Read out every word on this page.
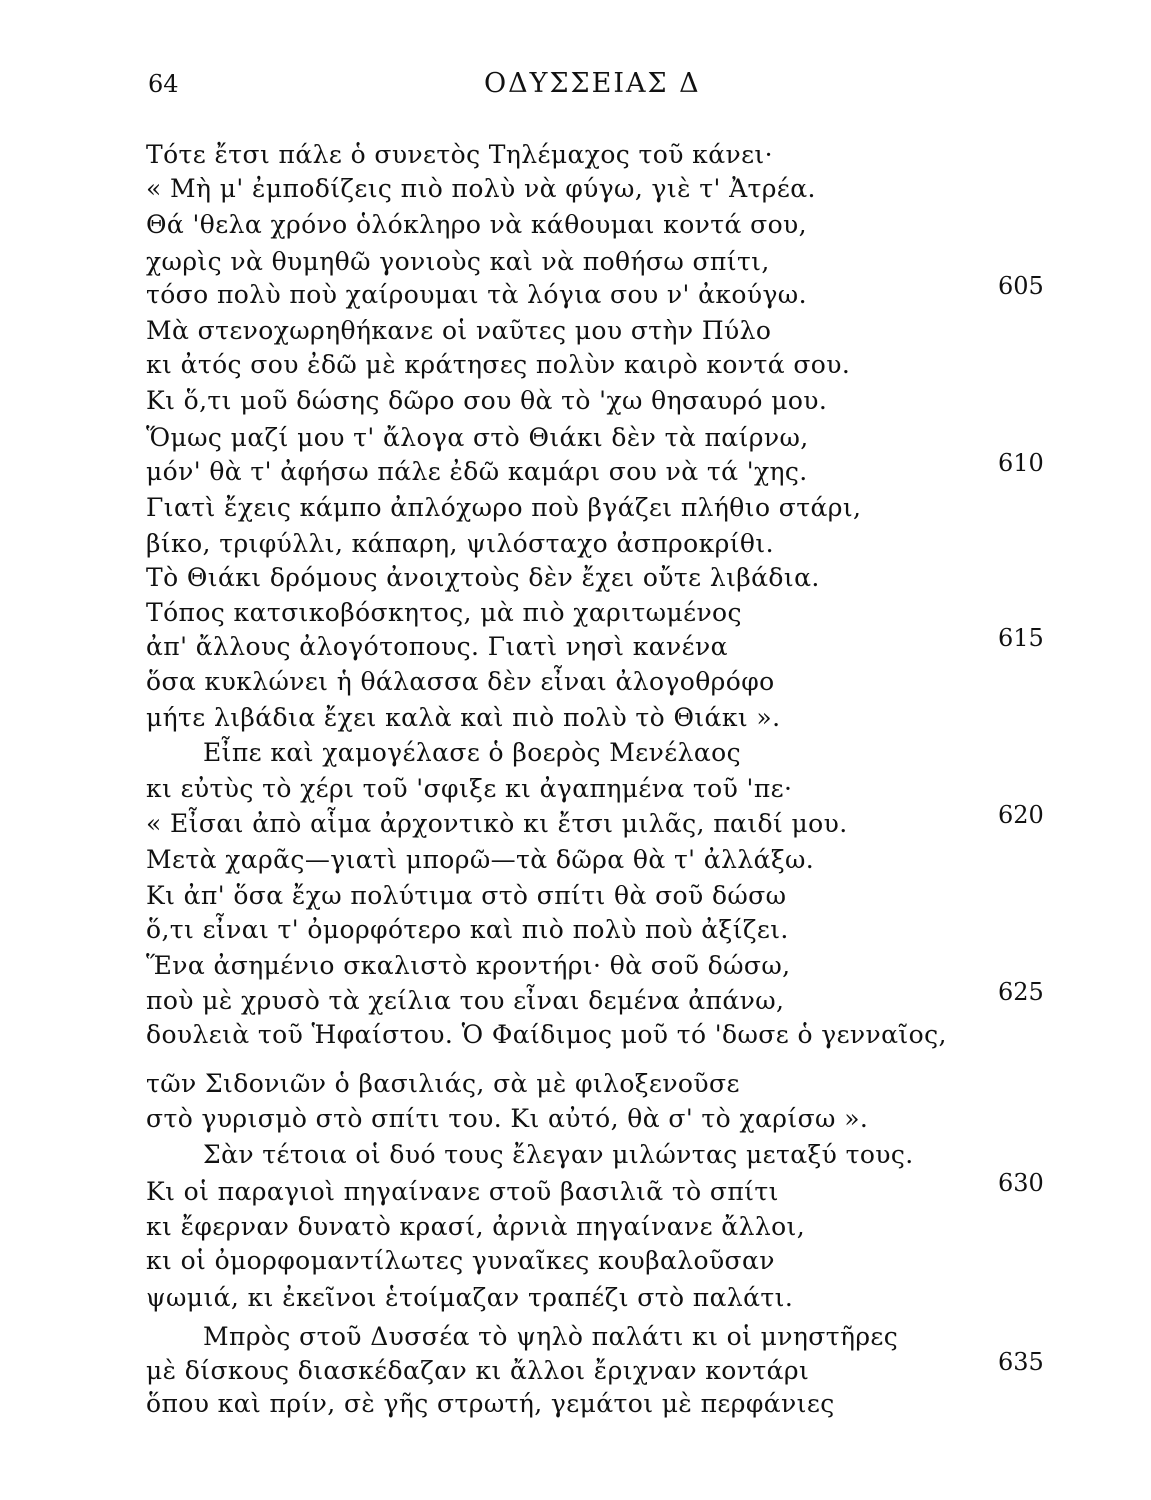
64	ΟΔΥΣΣΕΙΑΣ Δ
Τότε ἔτσι πάλε ὁ συνετὸς Τηλέμαχος τοῦ κάνει·
« Μὴ μ' ἐμποδίζεις πιὸ πολὺ νὰ φύγω, γιὲ τ' Ἀτρέα.
Θά 'θελα χρόνο ὁλόκληρο νὰ κάθουμαι κοντά σου,
χωρὶς νὰ θυμηθῶ γονιοὺς καὶ νὰ ποθήσω σπίτι,
τόσο πολὺ ποὺ χαίρουμαι τὰ λόγια σου ν' ἀκούγω.	605
Μὰ στενοχωρηθήκανε οἱ ναῦτες μου στὴν Πύλο
κι ἀτός σου ἐδῶ μὲ κράτησες πολὺν καιρὸ κοντά σου.
Κι ὅ,τι μοῦ δώσης δῶρο σου θὰ τὸ 'χω θησαυρό μου.
Ὅμως μαζί μου τ' ἄλογα στὸ Θιάκι δὲν τὰ παίρνω,
μόν' θὰ τ' ἀφήσω πάλε ἐδῶ καμάρι σου νὰ τά 'χης.	610
Γιατὶ ἔχεις κάμπο ἀπλόχωρο ποὺ βγάζει πλήθιο στάρι,
βίκο, τριφύλλι, κάπαρη, ψιλόσταχο ἀσπροκρίθι.
Τὸ Θιάκι δρόμους ἀνοιχτοὺς δὲν ἔχει οὔτε λιβάδια.
Τόπος κατσικοβόσκητος, μὰ πιὸ χαριτωμένος
ἀπ' ἄλλους ἀλογότοπους. Γιατὶ νησὶ κανένα	615
ὅσα κυκλώνει ἡ θάλασσα δὲν εἶναι ἀλογοθρόφο
μήτε λιβάδια ἔχει καλὰ καὶ πιὸ πολὺ τὸ Θιάκι ».
Εἶπε καὶ χαμογέλασε ὁ βοερὸς Μενέλαος
κι εὐτὺς τὸ χέρι τοῦ 'σφιξε κι ἀγαπημένα τοῦ 'πε·
« Εἶσαι ἀπὸ αἷμα ἀρχοντικὸ κι ἔτσι μιλᾶς, παιδί μου.	620
Μετὰ χαρᾶς—γιατὶ μπορῶ—τὰ δῶρα θὰ τ' ἀλλάξω.
Κι ἀπ' ὅσα ἔχω πολύτιμα στὸ σπίτι θὰ σοῦ δώσω
ὅ,τι εἶναι τ' ὀμορφότερο καὶ πιὸ πολὺ ποὺ ἀξίζει.
Ἕνα ἀσημένιο σκαλιστὸ κροντήρι· θὰ σοῦ δώσω,
ποὺ μὲ χρυσὸ τὰ χείλια του εἶναι δεμένα ἀπάνω,	625
δουλειὰ τοῦ Ἡφαίστου. Ὁ Φαίδιμος μοῦ τό 'δωσε ὁ γενναῖος,
τῶν Σιδονιῶν ὁ βασιλιάς, σὰ μὲ φιλοξενοῦσε
στὸ γυρισμὸ στὸ σπίτι του. Κι αὐτό, θὰ σ' τὸ χαρίσω ».
Σὰν τέτοια οἱ δυό τους ἔλεγαν μιλώντας μεταξύ τους.
Κι οἱ παραγιοὶ πηγαίνανε στοῦ βασιλιᾶ τὸ σπίτι	630
κι ἔφερναν δυνατὸ κρασί, ἀρνιὰ πηγαίνανε ἄλλοι,
κι οἱ ὀμορφομαντίλωτες γυναῖκες κουβαλοῦσαν
ψωμιά, κι ἐκεῖνοι ἑτοίμαζαν τραπέζι στὸ παλάτι.
Μπρὸς στοῦ Δυσσέα τὸ ψηλὸ παλάτι κι οἱ μνηστῆρες
μὲ δίσκους διασκέδαζαν κι ἄλλοι ἔριχναν κοντάρι	635
ὅπου καὶ πρίν, σὲ γῆς στρωτή, γεμάτοι μὲ περφάνιες
